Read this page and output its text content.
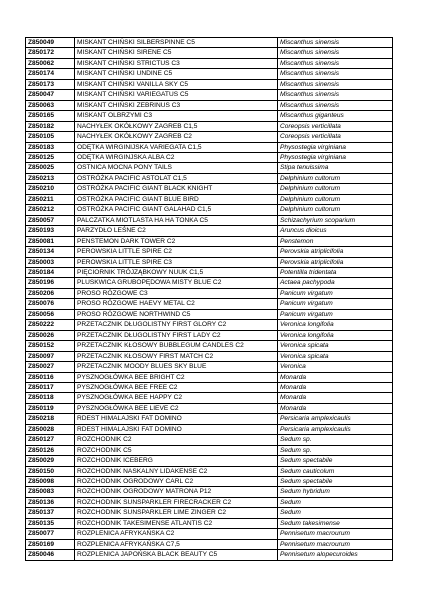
Z850049	MISKANT CHIŃSKI SILBERSPINNE C5	Miscanthus sinensis
Z850172	MISKANT CHIŃSKI SIRENE C5	Miscanthus sinensis
Z850062	MISKANT CHIŃSKI STRICTUS C3	Miscanthus sinensis
Z850174	MISKANT CHIŃSKI UNDINE C5	Miscanthus sinensis
Z850173	MISKANT CHIŃSKI VANILLA SKY C5	Miscanthus sinensis
Z850047	MISKANT CHIŃSKI VARIEGATUS C5	Miscanthus sinensis
Z850063	MISKANT CHIŃSKI ZEBRINUS C3	Miscanthus sinensis
Z850165	MISKANT OLBRZYMI C3	Miscanthus giganteus
Z850182	NACHYŁEK OKÓŁKOWY ZAGREB C1,5	Coreopsis verticillata
Z850105	NACHYŁEK OKÓŁKOWY ZAGREB C2	Coreopsis verticillata
Z850183	ODĘTKA WIRGINIJSKA VARIEGATA C1,5	Physostegia virginiana
Z850125	ODĘTKA WIRGINJSKA ALBA C2	Physostegia virginiana
Z850025	OSTNICA MOCNA PONY TAILS	Stipa tenuissima
Z850213	OSTRÓŻKA PACIFIC ASTOLAT C1,5	Delphinium cultorum
Z850210	OSTRÓŻKA PACIFIC GIANT BLACK KNIGHT	Delphinium cultorum
Z850211	OSTRÓŻKA PACIFIC GIANT BLUE BIRD	Delphinium cultorum
Z850212	OSTRÓŻKA PACIFIC GIANT GALAHAD C1,5	Delphinium cultorum
Z850057	PALCZATKA MIOTLASTA HA HA TONKA C5	Schizachyrium scoparium
Z850193	PARZYDŁO LEŚNE C2	Aruncus dioicus
Z850081	PENSTEMON DARK TOWER C2	Penstemon
Z850134	PEROWSKIA LITTLE SPIRE C2	Perovskia atriplicifolia
Z850003	PEROWSKIA LITTLE SPIRE C3	Perovskia atriplicifolia
Z850184	PIĘCIORNIK TRÓJZĄBKOWY NUUK C1,5	Potentilla tridentata
Z850196	PLUSKWICA GRUBOPĘDOWA MISTY BLUE C2	Actaea pachypoda
Z850206	PROSO RÓZGOWE C3	Panicum virgatum
Z850076	PROSO RÓZGOWE HAEVY METAL C2	Panicum virgatum
Z850056	PROSO RÓZGOWE NORTHWIND C5	Panicum virgatum
Z850222	PRZETACZNIK DŁUGOLISTNY FIRST GLORY C2	Veronica longifolia
Z850026	PRZETACZNIK DŁUGOLISTNY FIRST LADY C2	Veronica longifolia
Z850152	PRZETACZNIK KŁOSOWY BUBBLEGUM CANDLES C2	Veronica spicata
Z850097	PRZETACZNIK KŁOSOWY FIRST MATCH C2	Veronica spicata
Z850027	PRZETACZNIK MOODY BLUES SKY BLUE	Veronica
Z850116	PYSZNOGŁÓWKA BEE BRIGHT C2	Monarda
Z850117	PYSZNOGŁÓWKA BEE FREE C2	Monarda
Z850118	PYSZNOGŁÓWKA BEE HAPPY C2	Monarda
Z850119	PYSZNOGŁÓWKA BEE LIEVE C2	Monarda
Z850218	RDEST HIMALAJSKI FAT DOMINO	Persicaria amplexicaulis
Z850028	RDEST HIMALAJSKI FAT DOMINO	Persicaria amplexicaulis
Z850127	ROZCHODNIK C2	Sedum sp.
Z850126	ROZCHODNIK C5	Sedum sp.
Z850029	ROZCHODNIK ICEBERG	Sedum spectabile
Z850150	ROZCHODNIK NASKALNY LIDAKENSE C2	Sedum cauticolum
Z850098	ROZCHODNIK OGRODOWY CARL C2	Sedum spectabile
Z850083	ROZCHODNIK OGRODOWY MATRONA P12	Sedum hybridum
Z850136	ROZCHODNIK SUNSPARKLER FIRECRACKER C2	Sedum
Z850137	ROZCHODNIK SUNSPARKLER LIME ZINGER C2	Sedum
Z850135	ROZCHODNIK TAKESIMENSE ATLANTIS C2	Sedum takesimense
Z850077	ROZPLENICA AFRYKAŃSKA C2	Pennisetum macrourum
Z850169	ROZPLENICA AFRYKAŃSKA C7,5	Pennisetum macrourum
Z850046	ROZPLENICA JAPOŃSKA BLACK BEAUTY C5	Pennisetum alopecuroides
